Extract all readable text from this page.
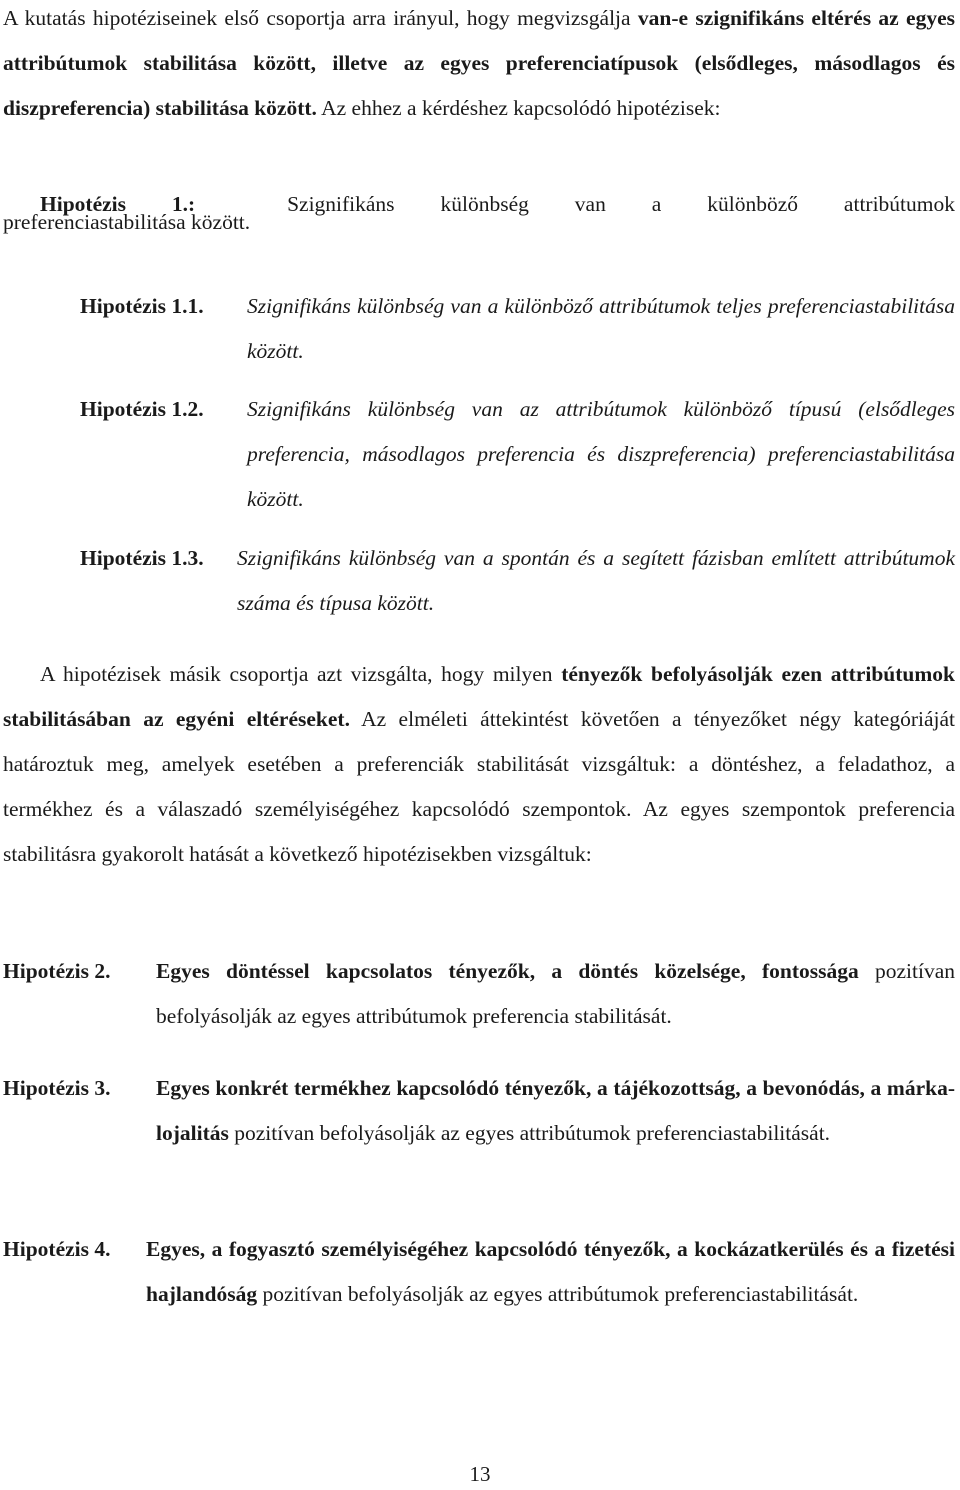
A kutatás hipotéziseinek első csoportja arra irányul, hogy megvizsgálja van-e szignifikáns eltérés az egyes attribútumok stabilitása között, illetve az egyes preferenciatípusok (elsődleges, másodlagos és diszpreferencia) stabilitása között. Az ehhez a kérdéshez kapcsolódó hipotézisek:

Hipotézis 1.:	Szignifikáns különbség van a különböző attribútumok

preferenciastabilitása között.

Hipotézis 1.1. Szignifikáns különbség van a különböző attribútumok teljes preferenciastabilitása között.
Hipotézis 1.2. Szignifikáns különbség van az attribútumok különböző típusú (elsődleges preferencia, másodlagos preferencia és diszpreferencia) preferenciastabilitása között.
Hipotézis 1.3. Szignifikáns különbség van a spontán és a segített fázisban említett attribútumok száma és típusa között.

A hipotézisek másik csoportja azt vizsgálta, hogy milyen tényezők befolyásolják ezen attribútumok stabilitásában az egyéni eltéréseket. Az elméleti áttekintést követően a tényezőket négy kategóriáját határoztuk meg, amelyek esetében a preferenciák stabilitását vizsgáltuk: a döntéshez, a feladathoz, a termékhez és a válaszadó személyiségéhez kapcsolódó szempontok. Az egyes szempontok preferencia stabilitásra gyakorolt hatását a következő hipotézisekben vizsgáltuk:

Hipotézis 2. Egyes döntéssel kapcsolatos tényezők, a döntés közelsége, fontossága pozitívan befolyásolják az egyes attribútumok preferencia stabilitását.
Hipotézis 3. Egyes konkrét termékhez kapcsolódó tényezők, a tájékozottság, a bevonódás, a márka-lojalitás pozitívan befolyásolják az egyes attribútumok preferenciastabilitását.
Hipotézis 4. Egyes, a fogyasztó személyiségéhez kapcsolódó tényezők, a kockázatkerülés és a fizetési hajlandóság pozitívan befolyásolják az egyes attribútumok preferenciastabilitását.
13
